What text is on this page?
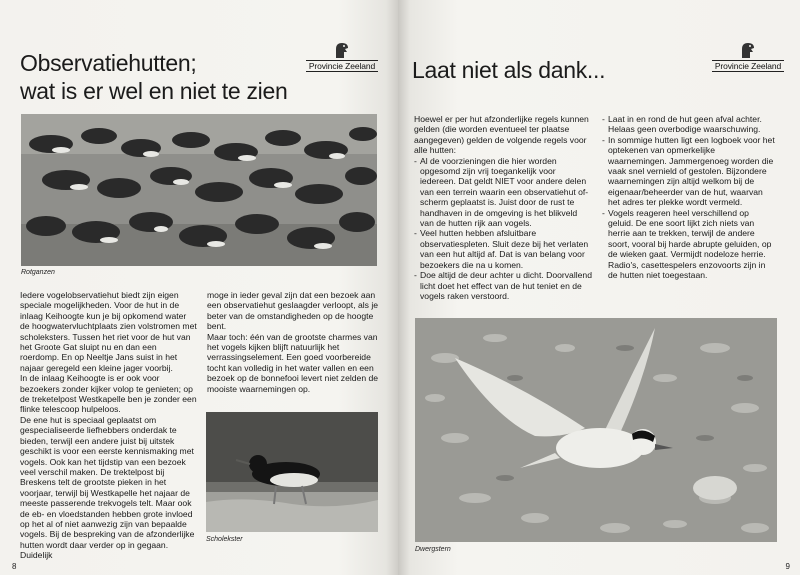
Provincie Zeeland
Observatiehutten;
wat is er wel en niet te zien
Rotganzen

Iedere vogelobservatiehut biedt zijn eigen speciale mogelijkheden. Voor de hut in de inlaag Keihoogte kun je bij opkomend water de hoogwatervluchtplaats zien volstromen met scholeksters. Tussen het riet voor de hut van het Groote Gat sluipt nu en dan een roerdomp. En op Neeltje Jans suist in het najaar geregeld een kleine jager voorbij.

In de inlaag Keihoogte is er ook voor bezoekers zonder kijker volop te genieten; op de treketelpost Westkapelle ben je zonder een flinke telescoop hulpeloos.

De ene hut is speciaal geplaatst om gespecialiseerde liefhebbers onderdak te bieden, terwijl een andere juist bij uitstek geschikt is voor een eerste kennismaking met vogels. Ook kan het tijdstip van een bezoek veel verschil maken. De trektelpost bij Breskens telt de grootste pieken in het voorjaar, terwijl bij Westkapelle het najaar de meeste passerende trekvogels telt. Maar ook de eb- en vloedstanden hebben grote invloed op het al of niet aanwezig zijn van bepaalde vogels. Bij de bespreking van de afzonderlijke hutten wordt daar verder op in gegaan. Duidelijk

moge in ieder geval zijn dat een bezoek aan een observatiehut geslaagder verloopt, als je beter van de omstandigheden op de hoogte bent.

Maar toch: één van de grootste charmes van het vogels kijken blijft natuurlijk het verrassingselement. Een goed voorbereide tocht kan volledig in het water vallen en een bezoek op de bonnefooi levert niet zelden de mooiste waarnemingen op.

Scholekster
8
Provincie Zeeland
Laat niet als dank...

Hoewel er per hut afzonderlijke regels kunnen gelden (die worden eventueel ter plaatse aangegeven) gelden de volgende regels voor alle hutten:

- Al de voorzieningen die hier worden opgesomd zijn vrij toegankelijk voor iedereen. Dat geldt NIET voor andere delen van een terrein waarin een observatiehut of-scherm geplaatst is. Juist door de rust te handhaven in de omgeving is het blikveld van de hutten rijk aan vogels.
- Veel hutten hebben afsluitbare observatiespleten. Sluit deze bij het verlaten van een hut altijd af. Dat is van belang voor bezoekers die na u komen.
- Doe altijd de deur achter u dicht. Doorvallend licht doet het effect van de hut teniet en de vogels raken verstoord.
- Laat in en rond de hut geen afval achter. Helaas geen overbodige waarschuwing.
- In sommige hutten ligt een logboek voor het optekenen van opmerkelijke waarnemingen. Jammergenoeg worden die vaak snel vernield of gestolen. Bijzondere waarnemingen zijn altijd welkom bij de eigenaar/beheerder van de hut, waarvan het adres ter plekke wordt vermeld.
- Vogels reageren heel verschillend op geluid. De ene soort lijkt zich niets van herrie aan te trekken, terwijl de andere soort, vooral bij harde abrupte geluiden, op de wieken gaat. Vermijdt nodeloze herrie. Radio's, casettespelers enzovoorts zijn in de hutten niet toegestaan.
Dwergstern
9
